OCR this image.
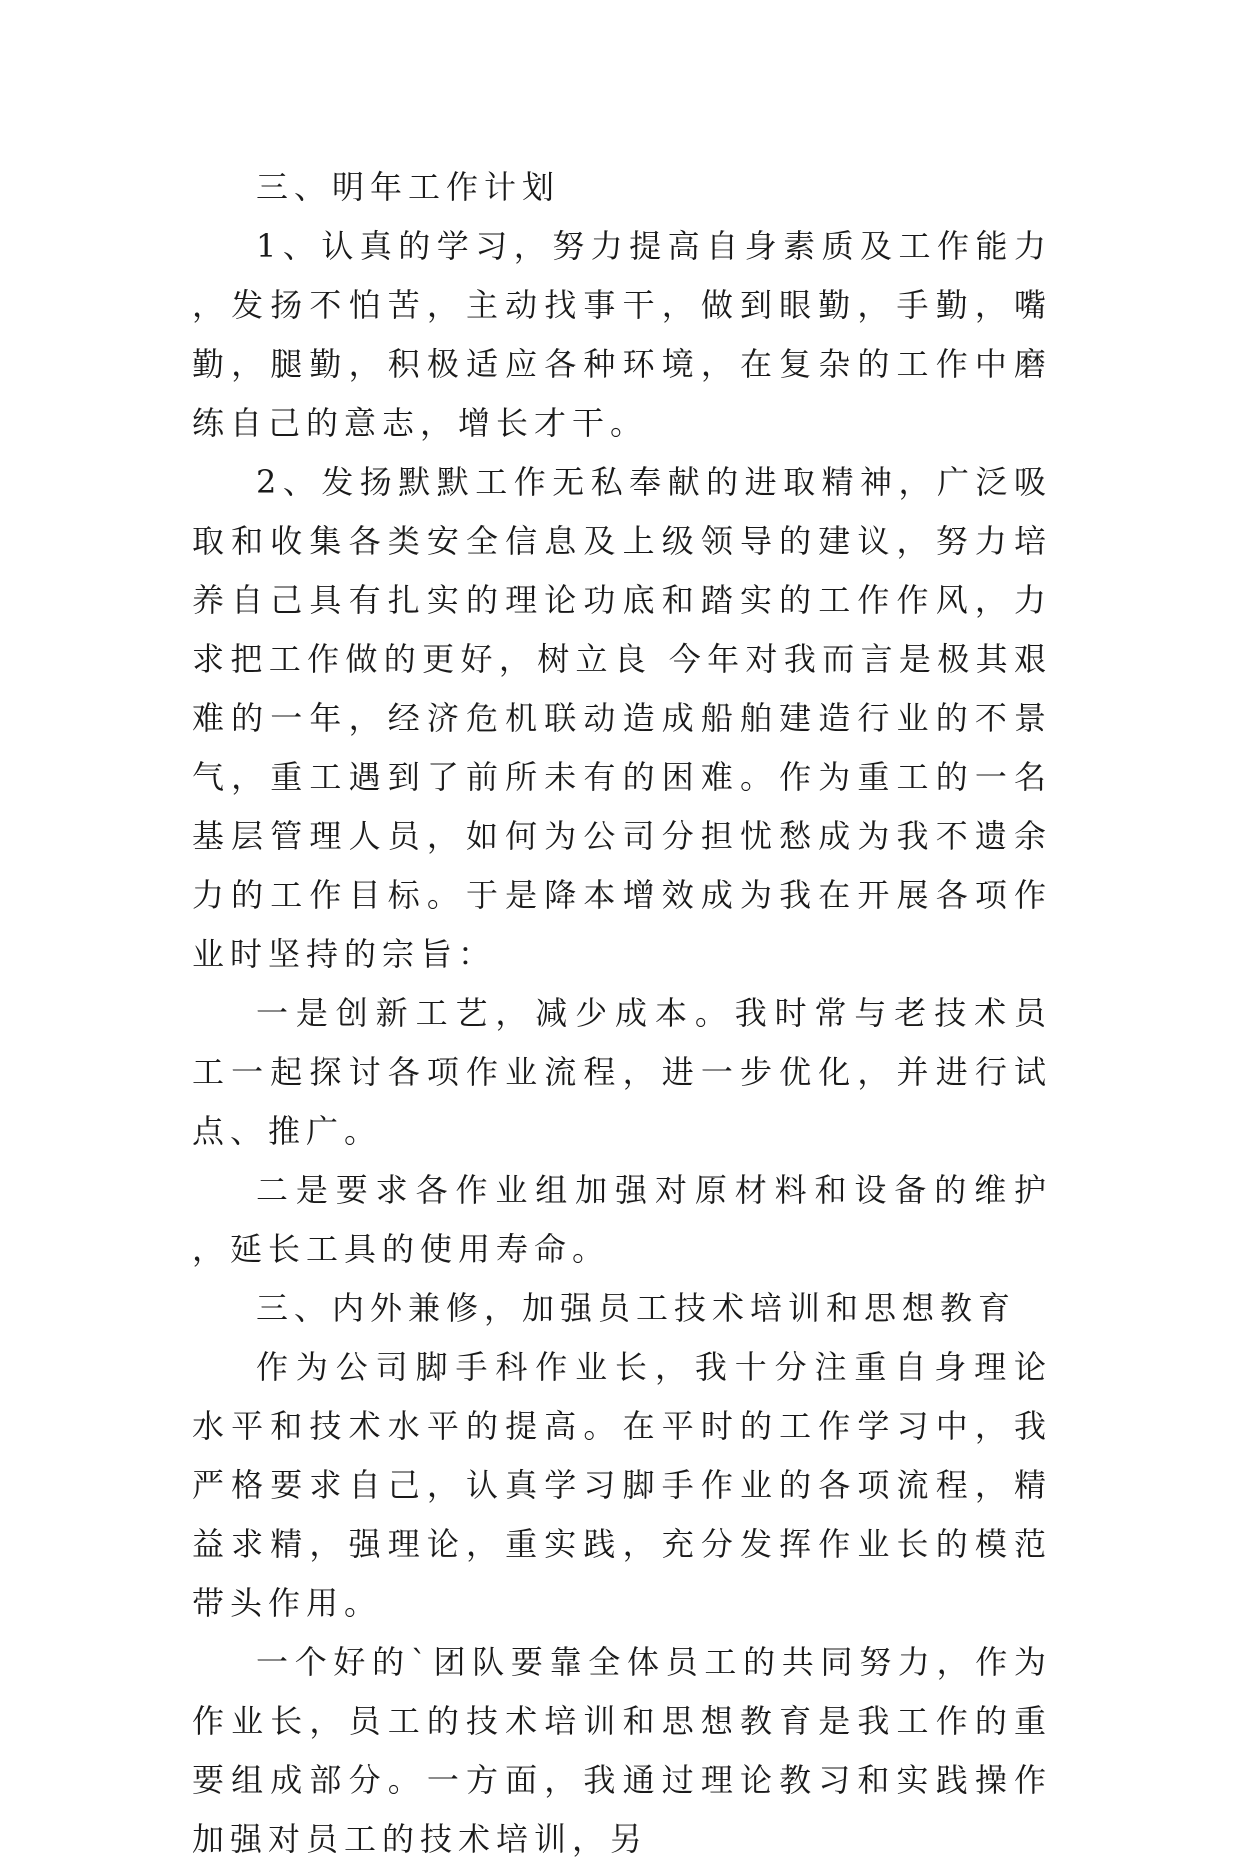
三、明年工作计划

1、认真的学习，努力提高自身素质及工作能力，发扬不怕苦，主动找事干，做到眼勤，手勤，嘴勤，腿勤，积极适应各种环境，在复杂的工作中磨练自己的意志，增长才干。

2、发扬默默工作无私奉献的进取精神，广泛吸取和收集各类安全信息及上级领导的建议，努力培养自己具有扎实的理论功底和踏实的工作作风，力求把工作做的更好，树立良 今年对我而言是极其艰难的一年，经济危机联动造成船舶建造行业的不景气，重工遇到了前所未有的困难。作为重工的一名基层管理人员，如何为公司分担忧愁成为我不遗余力的工作目标。于是降本增效成为我在开展各项作业时坚持的宗旨：

一是创新工艺，减少成本。我时常与老技术员工一起探讨各项作业流程，进一步优化，并进行试点、推广。

二是要求各作业组加强对原材料和设备的维护，延长工具的使用寿命。

三、内外兼修，加强员工技术培训和思想教育

作为公司脚手科作业长，我十分注重自身理论水平和技术水平的提高。在平时的工作学习中，我严格要求自己，认真学习脚手作业的各项流程，精益求精，强理论，重实践，充分发挥作业长的模范带头作用。

一个好的`团队要靠全体员工的共同努力，作为作业长，员工的技术培训和思想教育是我工作的重要组成部分。一方面，我通过理论教习和实践操作加强对员工的技术培训，另
